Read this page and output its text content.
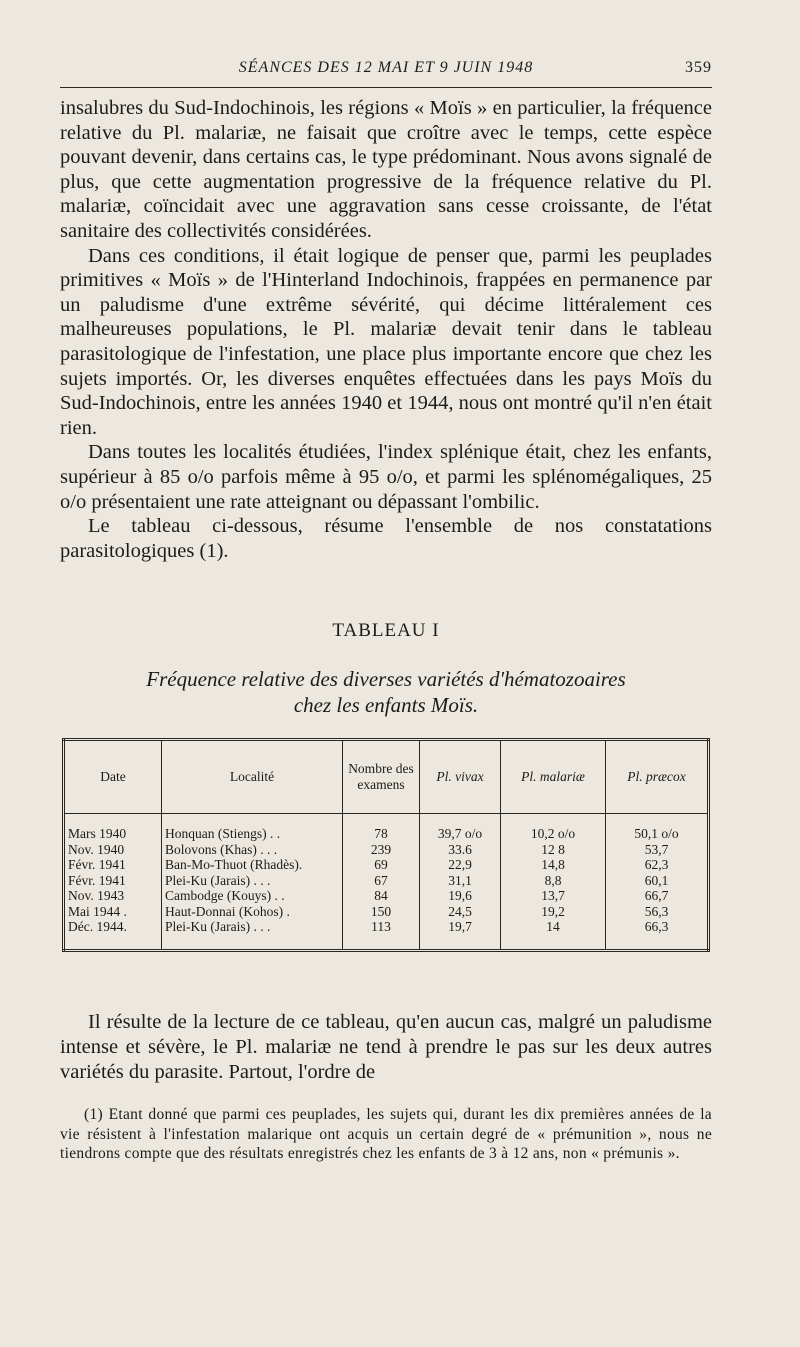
SÉANCES DES 12 MAI ET 9 JUIN 1948	359

insalubres du Sud-Indochinois, les régions « Moïs » en particulier, la fréquence relative du Pl. malariæ, ne faisait que croître avec le temps, cette espèce pouvant devenir, dans certains cas, le type prédominant. Nous avons signalé de plus, que cette augmentation progressive de la fréquence relative du Pl. malariæ, coïncidait avec une aggravation sans cesse croissante, de l'état sanitaire des collectivités considérées.

Dans ces conditions, il était logique de penser que, parmi les peuplades primitives « Moïs » de l'Hinterland Indochinois, frappées en permanence par un paludisme d'une extrême sévérité, qui décime littéralement ces malheureuses populations, le Pl. malariæ devait tenir dans le tableau parasitologique de l'infestation, une place plus importante encore que chez les sujets importés. Or, les diverses enquêtes effectuées dans les pays Moïs du Sud-Indochinois, entre les années 1940 et 1944, nous ont montré qu'il n'en était rien.

Dans toutes les localités étudiées, l'index splénique était, chez les enfants, supérieur à 85 o/o parfois même à 95 o/o, et parmi les splénomégaliques, 25 o/o présentaient une rate atteignant ou dépassant l'ombilic.

Le tableau ci-dessous, résume l'ensemble de nos constatations parasitologiques (1).

TABLEAU I
Fréquence relative des diverses variétés d'hématozoaires
chez les enfants Moïs.
Date	Localité	Nombre des examens	Pl. vivax	Pl. malariæ	Pl. præcox

Mars 1940	Honquan (Stiengs) . .	78	39,7 o/o	10,2 o/o	50,1 o/o
Nov. 1940	Bolovons (Khas) . . .	239	33.6	12 8	53,7
Févr. 1941	Ban-Mo-Thuot (Rhadès).	69	22,9	14,8	62,3
Févr. 1941	Plei-Ku (Jarais) . . .	67	31,1	8,8	60,1
Nov. 1943	Cambodge (Kouys) . .	84	19,6	13,7	66,7
Mai 1944 .	Haut-Donnai (Kohos) .	150	24,5	19,2	56,3
Déc. 1944.	Plei-Ku (Jarais) . . .	113	19,7	14	66,3

Il résulte de la lecture de ce tableau, qu'en aucun cas, malgré un paludisme intense et sévère, le Pl. malariæ ne tend à prendre le pas sur les deux autres variétés du parasite. Partout, l'ordre de

(1) Etant donné que parmi ces peuplades, les sujets qui, durant les dix premières années de la vie résistent à l'infestation malarique ont acquis un certain degré de « prémunition », nous ne tiendrons compte que des résultats enregistrés chez les enfants de 3 à 12 ans, non « prémunis ».
